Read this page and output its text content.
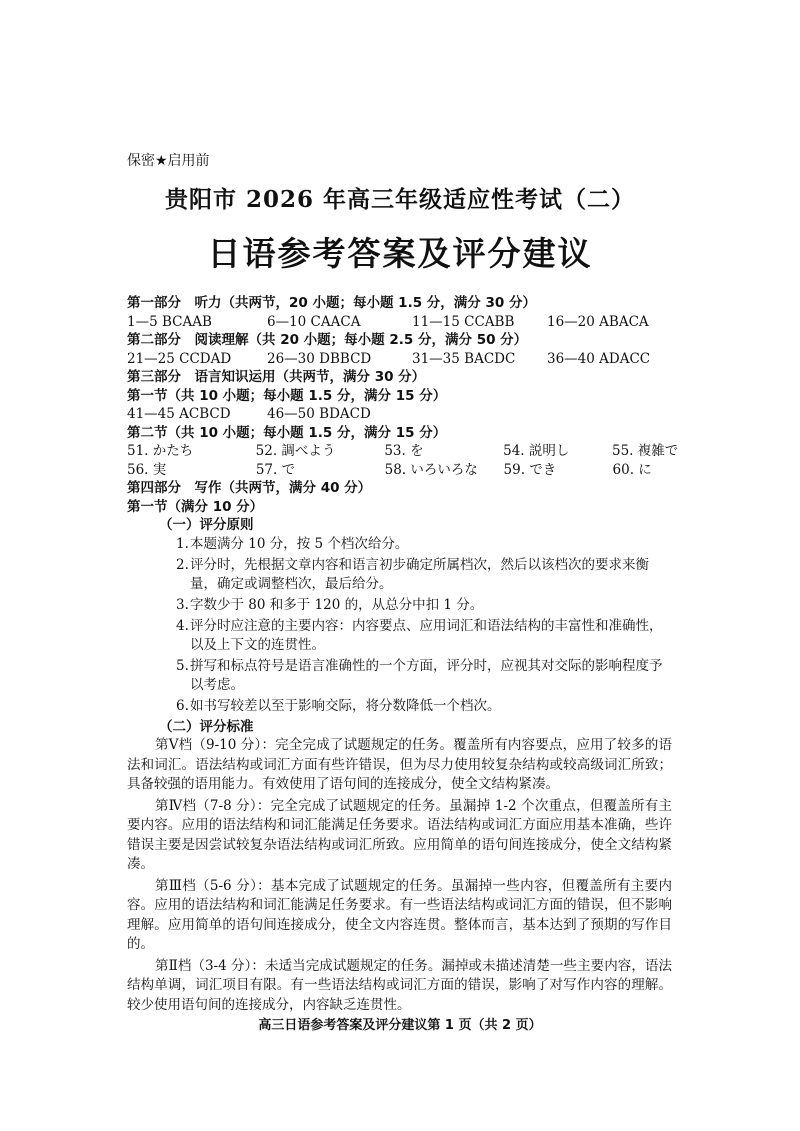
保密★启用前
贵阳市 2026 年高三年级适应性考试（二）
日语参考答案及评分建议
第一部分　听力（共两节，20 小题；每小题 1.5 分，满分 30 分）
1—5 BCAAB	6—10 CAACA	11—15 CCABB	16—20 ABACA
第二部分　阅读理解（共 20 小题；每小题 2.5 分，满分 50 分）
21—25 CCDAD	26—30 DBBCD	31—35 BACDC	36—40 ADACC
第三部分　语言知识运用（共两节，满分 30 分）
第一节（共 10 小题；每小题 1.5 分，满分 15 分）
41—45 ACBCD	46—50 BDACD
第二节（共 10 小题；每小题 1.5 分，满分 15 分）
51. かたち	52. 調べよう	53. を	54. 説明し	55. 複雑で
56. 実	57. で	58. いろいろな	59. でき	60. に
第四部分　写作（共两节，满分 40 分）
第一节（满分 10 分）
（一）评分原则
1. 本题满分 10 分，按 5 个档次给分。
2. 评分时，先根据文章内容和语言初步确定所属档次，然后以该档次的要求来衡量，确定或调整档次，最后给分。
3. 字数少于 80 和多于 120 的，从总分中扣 1 分。
4. 评分时应注意的主要内容：内容要点、应用词汇和语法结构的丰富性和准确性，以及上下文的连贯性。
5. 拼写和标点符号是语言准确性的一个方面，评分时，应视其对交际的影响程度予以考虑。
6. 如书写较差以至于影响交际，将分数降低一个档次。
（二）评分标准

第Ⅴ档（9-10 分）：完全完成了试题规定的任务。覆盖所有内容要点，应用了较多的语法和词汇。语法结构或词汇方面有些许错误，但为尽力使用较复杂结构或较高级词汇所致；具备较强的语用能力。有效使用了语句间的连接成分，使全文结构紧凑。

第Ⅳ档（7-8 分）：完全完成了试题规定的任务。虽漏掉 1-2 个次重点，但覆盖所有主要内容。应用的语法结构和词汇能满足任务要求。语法结构或词汇方面应用基本准确，些许错误主要是因尝试较复杂语法结构或词汇所致。应用简单的语句间连接成分，使全文结构紧凑。

第Ⅲ档（5-6 分）：基本完成了试题规定的任务。虽漏掉一些内容，但覆盖所有主要内容。应用的语法结构和词汇能满足任务要求。有一些语法结构或词汇方面的错误，但不影响理解。应用简单的语句间连接成分，使全文内容连贯。整体而言，基本达到了预期的写作目的。

第Ⅱ档（3-4 分）：未适当完成试题规定的任务。漏掉或未描述清楚一些主要内容，语法结构单调，词汇项目有限。有一些语法结构或词汇方面的错误，影响了对写作内容的理解。较少使用语句间的连接成分，内容缺乏连贯性。

高三日语参考答案及评分建议第 1 页（共 2 页）
